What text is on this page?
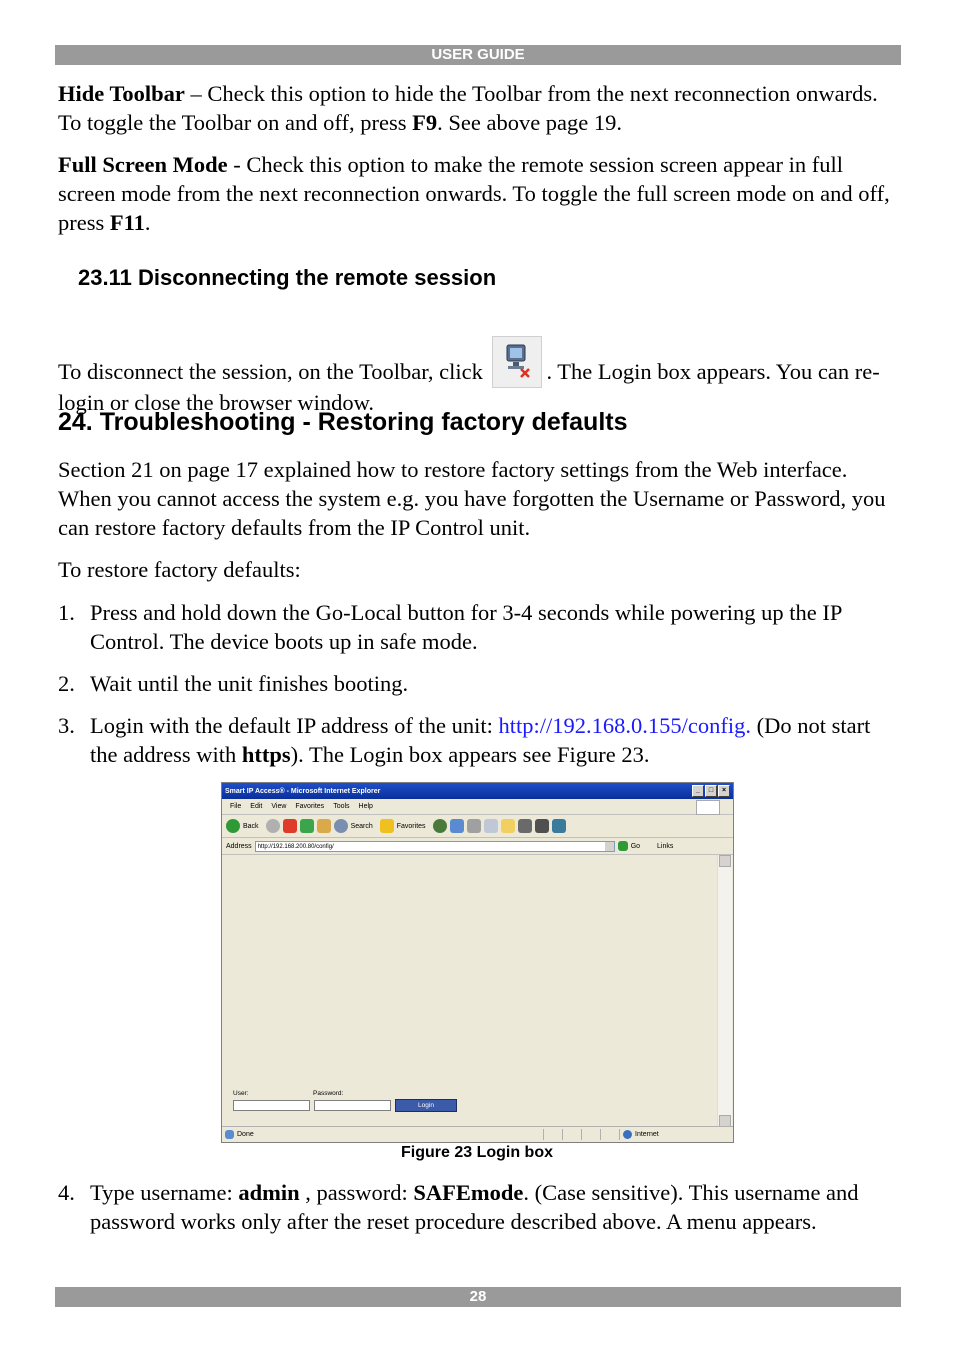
USER GUIDE

Hide Toolbar – Check this option to hide the Toolbar from the next reconnection onwards. To toggle the Toolbar on and off, press F9. See above page 19.

Full Screen Mode - Check this option to make the remote session screen appear in full screen mode from the next reconnection onwards. To toggle the full screen mode on and off, press F11.

23.11 Disconnecting the remote session

To disconnect the session, on the Toolbar, click	. The Login box appears. You can re-login or close the browser window.

24. Troubleshooting - Restoring factory defaults

Section 21 on page 17 explained how to restore factory settings from the Web interface. When you cannot access the system e.g. you have forgotten the Username or Password, you can restore factory defaults from the IP Control unit.

To restore factory defaults:

1. Press and hold down the Go-Local button for 3-4 seconds while powering up the IP Control. The device boots up in safe mode.
2. Wait until the unit finishes booting.
3. Login with the default IP address of the unit: http://192.168.0.155/config. (Do not start the address with https). The Login box appears see Figure 23.
Smart IP Access® - Microsoft Internet Explorer	_	□	×
File Edit View Favorites Tools Help
Back	Search	Favorites
Address	http://192.168.200.80/config/	Go Links
User:	Password:
Login
Done	Internet
Figure 23 Login box
4. Type username: admin , password: SAFEmode. (Case sensitive). This username and password works only after the reset procedure described above. A menu appears.
28
